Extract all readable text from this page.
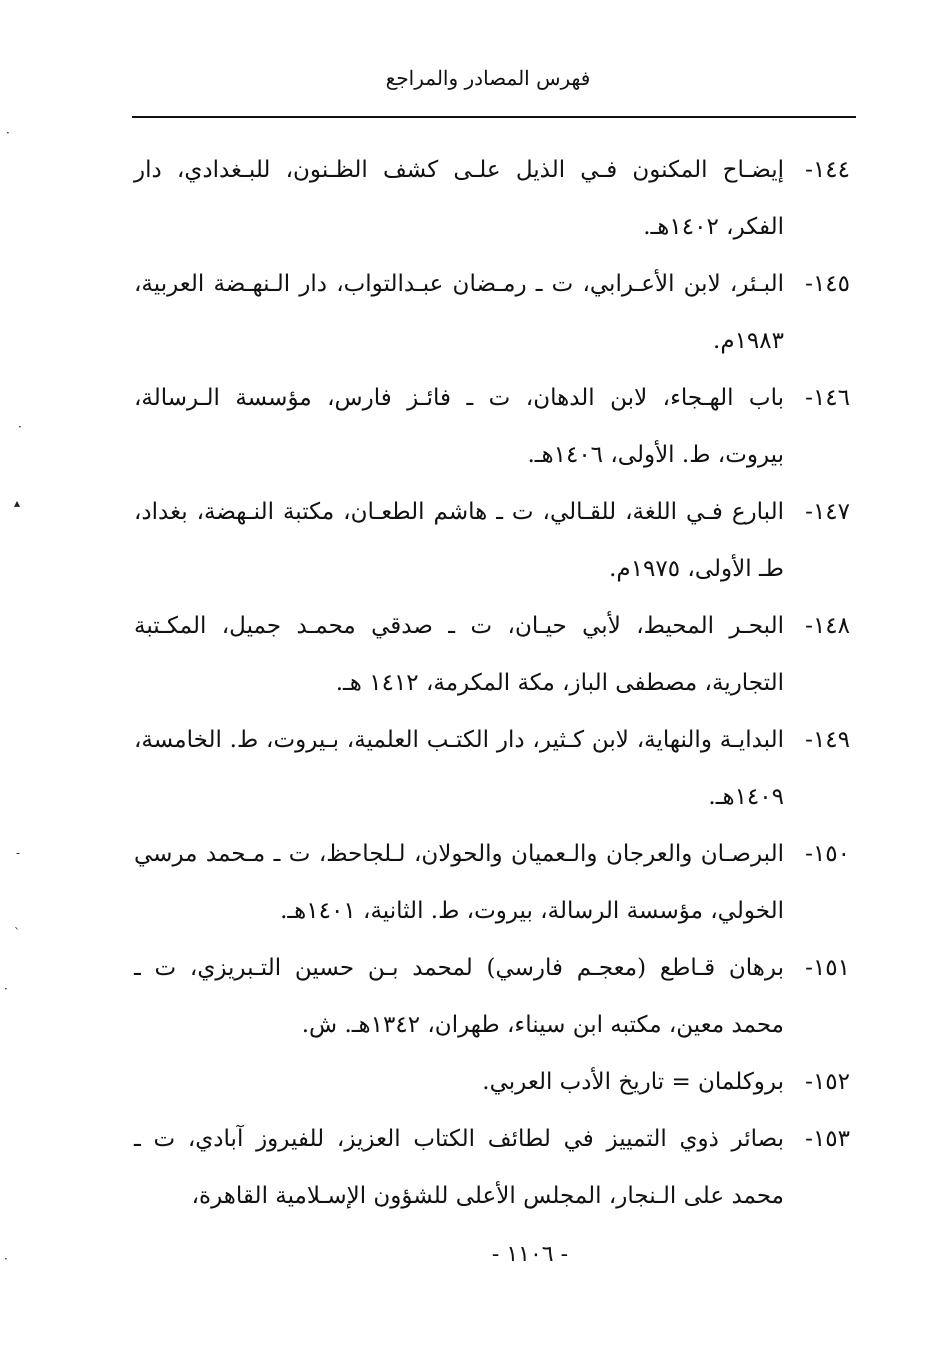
فهرس المصادر والمراجع
١٤٤-
إيضـاح المكنون فـي الذيل علـى كشف الظـنون، للبـغدادي، دار الفكر، ١٤٠٢هـ.
١٤٥-
البـئر، لابن الأعـرابي، ت ـ رمـضان عبـدالتواب، دار الـنهـضة العربية، ١٩٨٣م.
١٤٦-
باب الهـجاء، لابن الدهان، ت ـ فائـز فارس، مؤسسة الـرسالة، بيروت، ط. الأولى، ١٤٠٦هـ.
١٤٧-
البارع فـي اللغة، للقـالي، ت ـ هاشم الطعـان، مكتبة النـهضة، بغداد، طـ الأولى، ١٩٧٥م.
١٤٨-
البحـر المحيط، لأبي حيـان، ت ـ صدقي محمـد جميل، المكـتبة التجارية، مصطفى الباز، مكة المكرمة، ١٤١٢ هـ.
١٤٩-
البدايـة والنهاية، لابن كـثير، دار الكتـب العلمية، بـيروت، ط. الخامسة، ١٤٠٩هـ.
١٥٠-
البرصـان والعرجان والـعميان والحولان، لـلجاحظ، ت ـ مـحمد مرسي الخولي، مؤسسة الرسالة، بيروت، ط. الثانية، ١٤٠١هـ.
١٥١-
برهان قـاطع (معجـم فارسي) لمحمد بـن حسين التـبريزي، ت ـ محمد معين، مكتبه ابن سيناء، طهران، ١٣٤٢هـ. ش.
١٥٢-
بروكلمان = تاريخ الأدب العربي.
١٥٣-
بصائر ذوي التمييز في لطائف الكتاب العزيز، للفيروز آبادي، ت ـ محمد على الـنجار، المجلس الأعلى للشؤون الإسـلامية القاهرة،
- ١١٠٦ -
·
·
▴
-
`
·
·
